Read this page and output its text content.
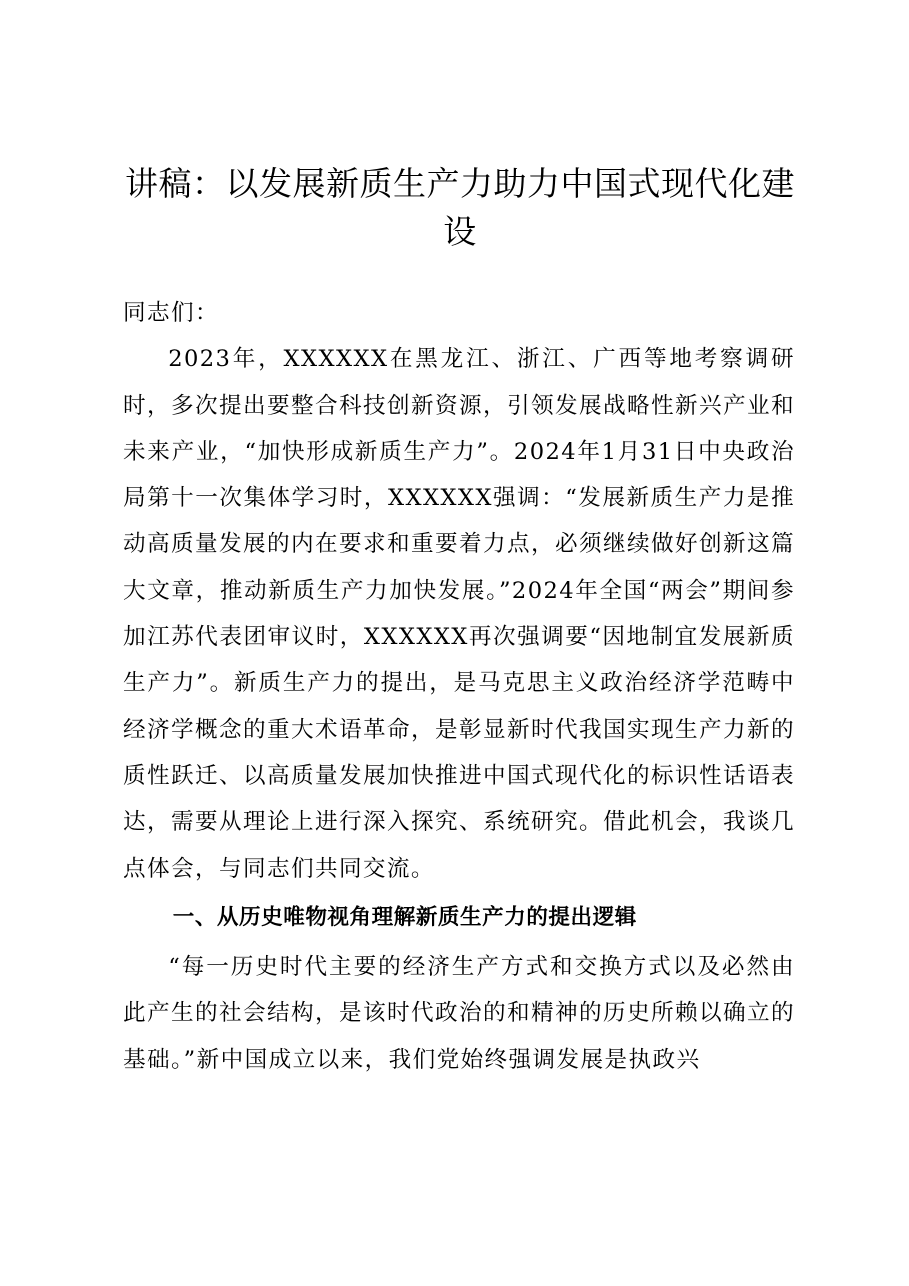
讲稿：以发展新质生产力助力中国式现代化建设

同志们：

2023年，XXXXXX在黑龙江、浙江、广西等地考察调研时，多次提出要整合科技创新资源，引领发展战略性新兴产业和未来产业，“加快形成新质生产力”。2024年1月31日中央政治局第十一次集体学习时，XXXXXX强调：“发展新质生产力是推动高质量发展的内在要求和重要着力点，必须继续做好创新这篇大文章，推动新质生产力加快发展。”2024年全国“两会”期间参加江苏代表团审议时，XXXXXX再次强调要“因地制宜发展新质生产力”。新质生产力的提出，是马克思主义政治经济学范畴中经济学概念的重大术语革命，是彰显新时代我国实现生产力新的质性跃迁、以高质量发展加快推进中国式现代化的标识性话语表达，需要从理论上进行深入探究、系统研究。借此机会，我谈几点体会，与同志们共同交流。

一、从历史唯物视角理解新质生产力的提出逻辑

“每一历史时代主要的经济生产方式和交换方式以及必然由此产生的社会结构，是该时代政治的和精神的历史所赖以确立的基础。”新中国成立以来，我们党始终强调发展是执政兴
